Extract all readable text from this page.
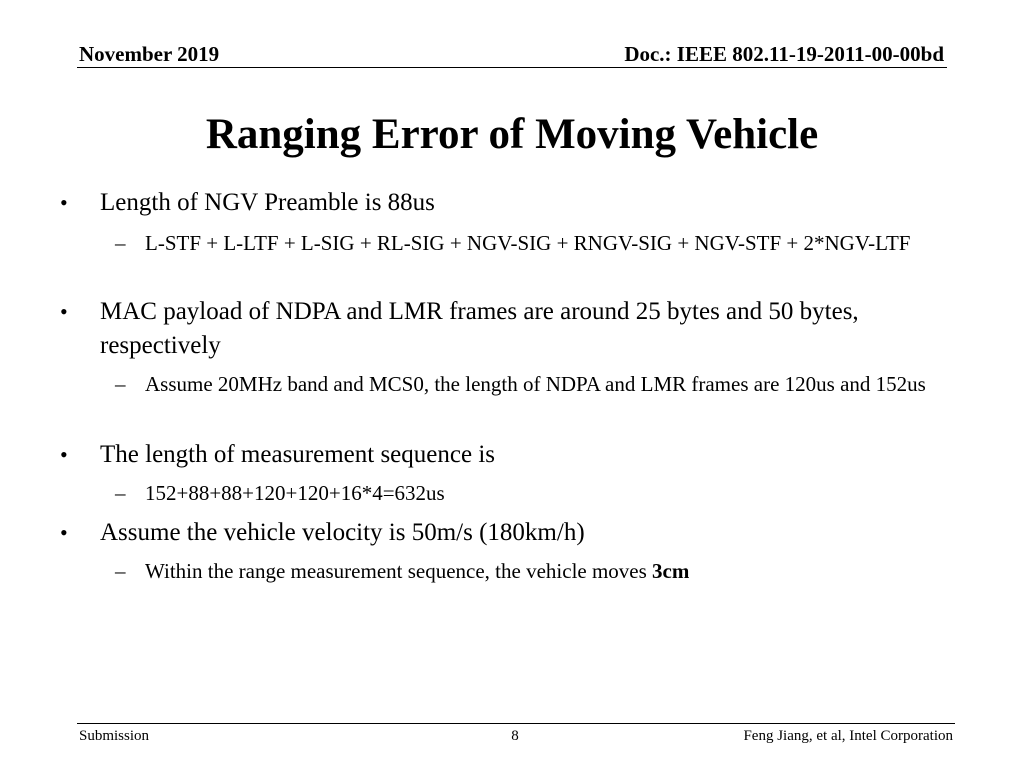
November 2019	Doc.: IEEE 802.11-19-2011-00-00bd
Ranging Error of Moving Vehicle
• Length of NGV Preamble is 88us
– L-STF + L-LTF + L-SIG + RL-SIG + NGV-SIG + RNGV-SIG + NGV-STF + 2*NGV-LTF
• MAC payload of NDPA and LMR frames are around 25 bytes and 50 bytes, respectively
– Assume 20MHz band and MCS0, the length of NDPA and LMR frames are 120us and 152us
• The length of measurement sequence is
– 152+88+88+120+120+16*4=632us
• Assume the vehicle velocity is 50m/s (180km/h)
– Within the range measurement sequence, the vehicle moves 3cm
Submission	8	Feng Jiang, et al, Intel Corporation
